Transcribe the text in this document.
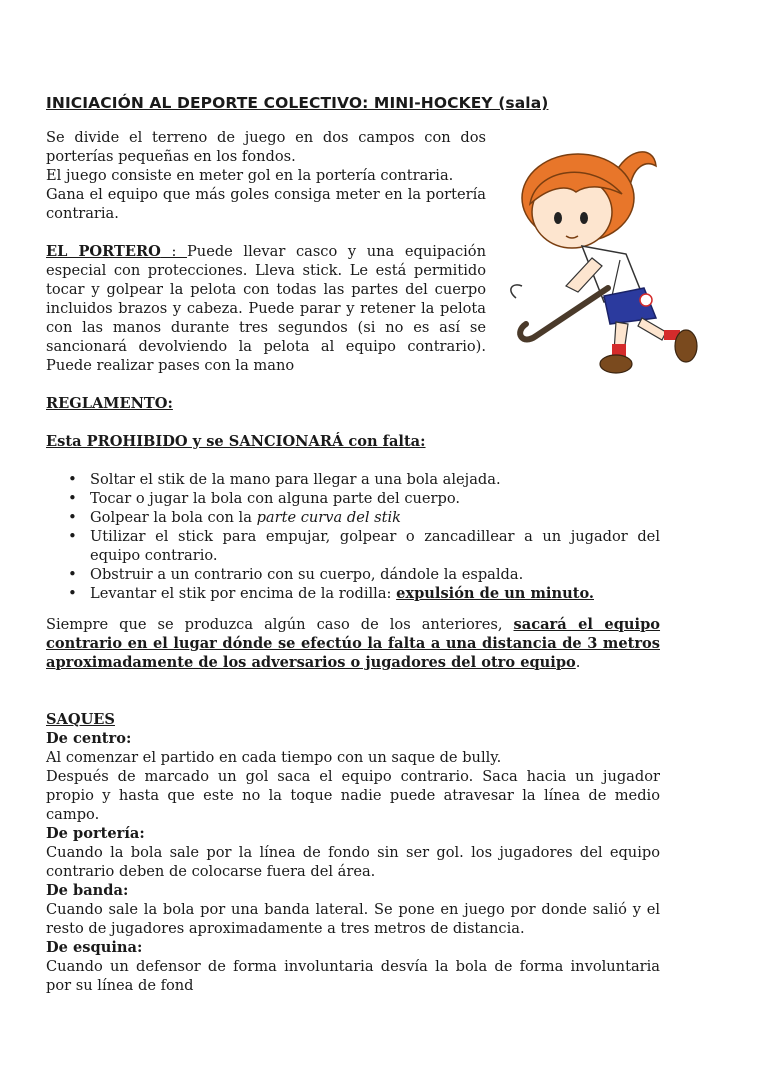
INICIACIÓN AL DEPORTE COLECTIVO: MINI-HOCKEY (sala)

Se divide el terreno de juego en dos campos con dos porterías pequeñas en los fondos.

El juego consiste en meter gol en la portería contraria.

Gana el equipo que más goles consiga meter en la portería contraria.

EL PORTERO : Puede llevar casco y una equipación especial con protecciones. Lleva stick. Le está permitido tocar y golpear la pelota con todas las partes del cuerpo incluidos brazos y cabeza. Puede parar y retener la pelota con las manos durante tres segundos (si no es así se sancionará devolviendo la pelota al equipo contrario). Puede realizar pases con la mano

REGLAMENTO:

Esta PROHIBIDO y se SANCIONARÁ con falta:

• Soltar el stik de la mano para llegar a una bola alejada.
• Tocar o jugar la bola con alguna parte del cuerpo.
• Golpear la bola con la parte curva del stik
• Utilizar el stick para empujar, golpear o zancadillear a un jugador del equipo contrario.
• Obstruir a un contrario con su cuerpo, dándole la espalda.
• Levantar el stik por encima de la rodilla: expulsión de un minuto.

Siempre que se produzca algún caso de los anteriores, sacará el equipo contrario en el lugar dónde se efectúo la falta a una distancia de 3 metros aproximadamente de los adversarios o jugadores del otro equipo.

SAQUES

De centro:

Al comenzar el partido en cada tiempo con un saque de bully.

Después de marcado un gol saca el equipo contrario. Saca hacia un jugador propio y hasta que este no la toque nadie puede atravesar la línea de medio campo.

De portería:

Cuando la bola sale por la línea de fondo sin ser gol. los jugadores del equipo contrario deben de colocarse fuera del área.

De banda:

Cuando sale la bola por una banda lateral. Se pone en juego por donde salió y el resto de jugadores aproximadamente a tres metros de distancia.

De esquina:

Cuando un defensor de forma involuntaria desvía la bola de forma involuntaria por su línea de fond
